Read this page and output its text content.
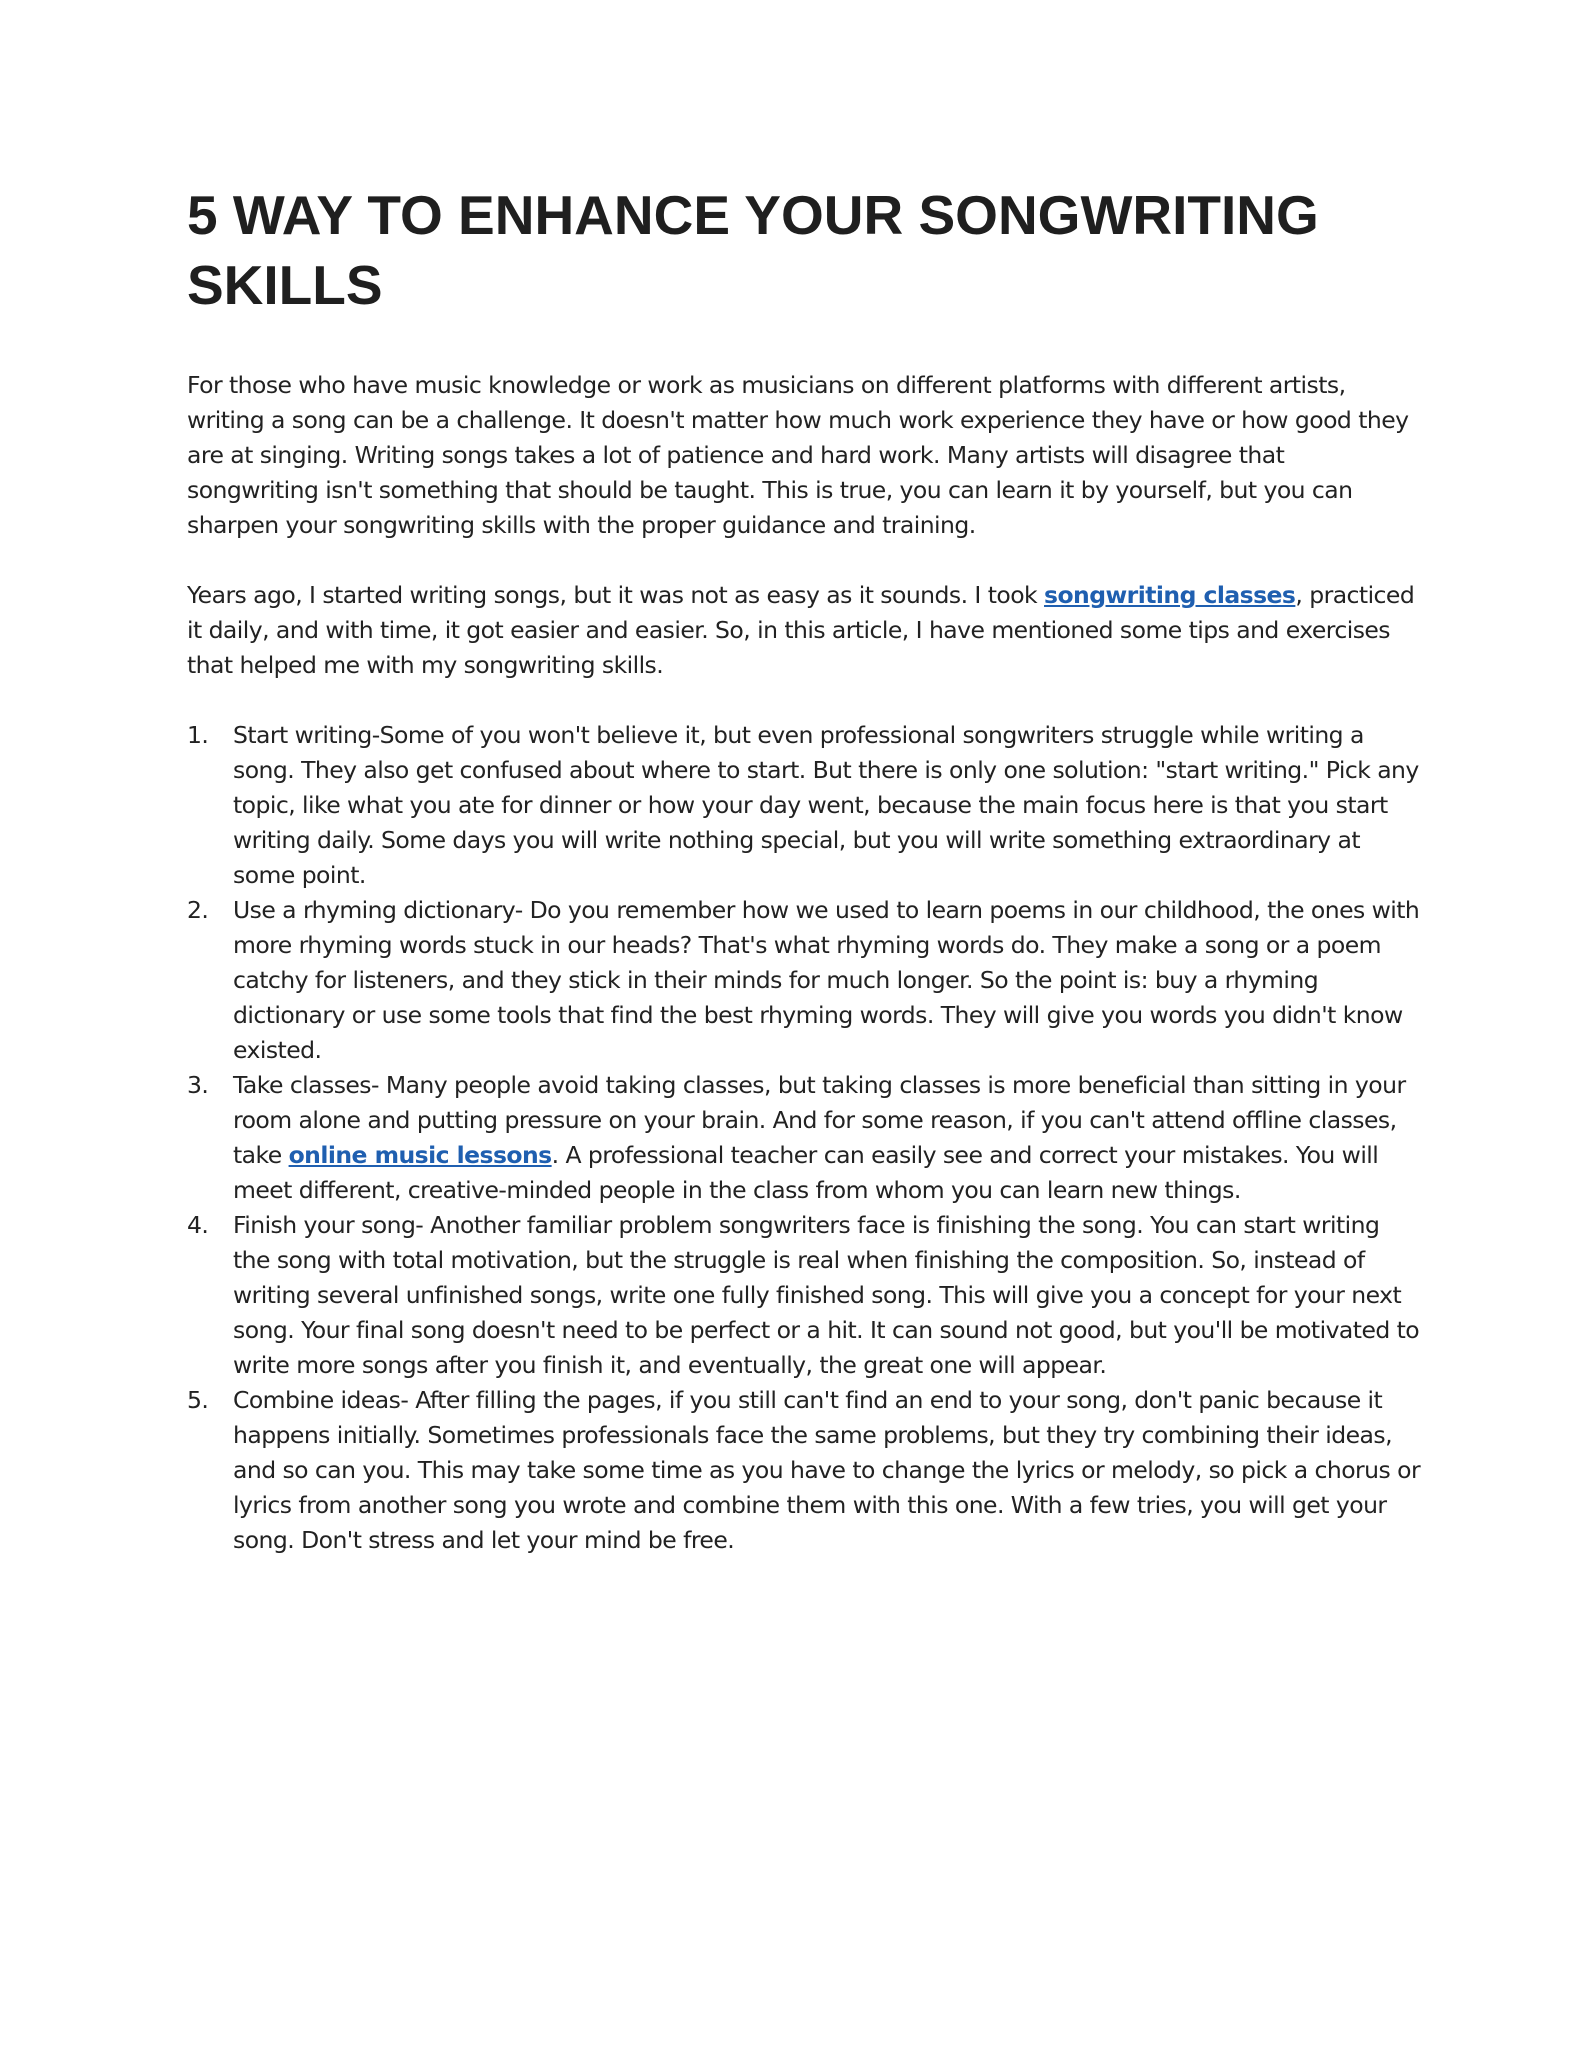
5 WAY TO ENHANCE YOUR SONGWRITING SKILLS

For those who have music knowledge or work as musicians on different platforms with different artists, writing a song can be a challenge. It doesn't matter how much work experience they have or how good they are at singing. Writing songs takes a lot of patience and hard work. Many artists will disagree that songwriting isn't something that should be taught. This is true, you can learn it by yourself, but you can sharpen your songwriting skills with the proper guidance and training.

Years ago, I started writing songs, but it was not as easy as it sounds. I took songwriting classes, practiced it daily, and with time, it got easier and easier. So, in this article, I have mentioned some tips and exercises that helped me with my songwriting skills.

1. Start writing-Some of you won't believe it, but even professional songwriters struggle while writing a song. They also get confused about where to start. But there is only one solution: "start writing." Pick any topic, like what you ate for dinner or how your day went, because the main focus here is that you start writing daily. Some days you will write nothing special, but you will write something extraordinary at some point.
2. Use a rhyming dictionary- Do you remember how we used to learn poems in our childhood, the ones with more rhyming words stuck in our heads? That's what rhyming words do. They make a song or a poem catchy for listeners, and they stick in their minds for much longer. So the point is: buy a rhyming dictionary or use some tools that find the best rhyming words. They will give you words you didn't know existed.
3. Take classes- Many people avoid taking classes, but taking classes is more beneficial than sitting in your room alone and putting pressure on your brain. And for some reason, if you can't attend offline classes, take online music lessons. A professional teacher can easily see and correct your mistakes. You will meet different, creative-minded people in the class from whom you can learn new things.
4. Finish your song- Another familiar problem songwriters face is finishing the song. You can start writing the song with total motivation, but the struggle is real when finishing the composition. So, instead of writing several unfinished songs, write one fully finished song. This will give you a concept for your next song. Your final song doesn't need to be perfect or a hit. It can sound not good, but you'll be motivated to write more songs after you finish it, and eventually, the great one will appear.
5. Combine ideas- After filling the pages, if you still can't find an end to your song, don't panic because it happens initially. Sometimes professionals face the same problems, but they try combining their ideas, and so can you. This may take some time as you have to change the lyrics or melody, so pick a chorus or lyrics from another song you wrote and combine them with this one. With a few tries, you will get your song. Don't stress and let your mind be free.
